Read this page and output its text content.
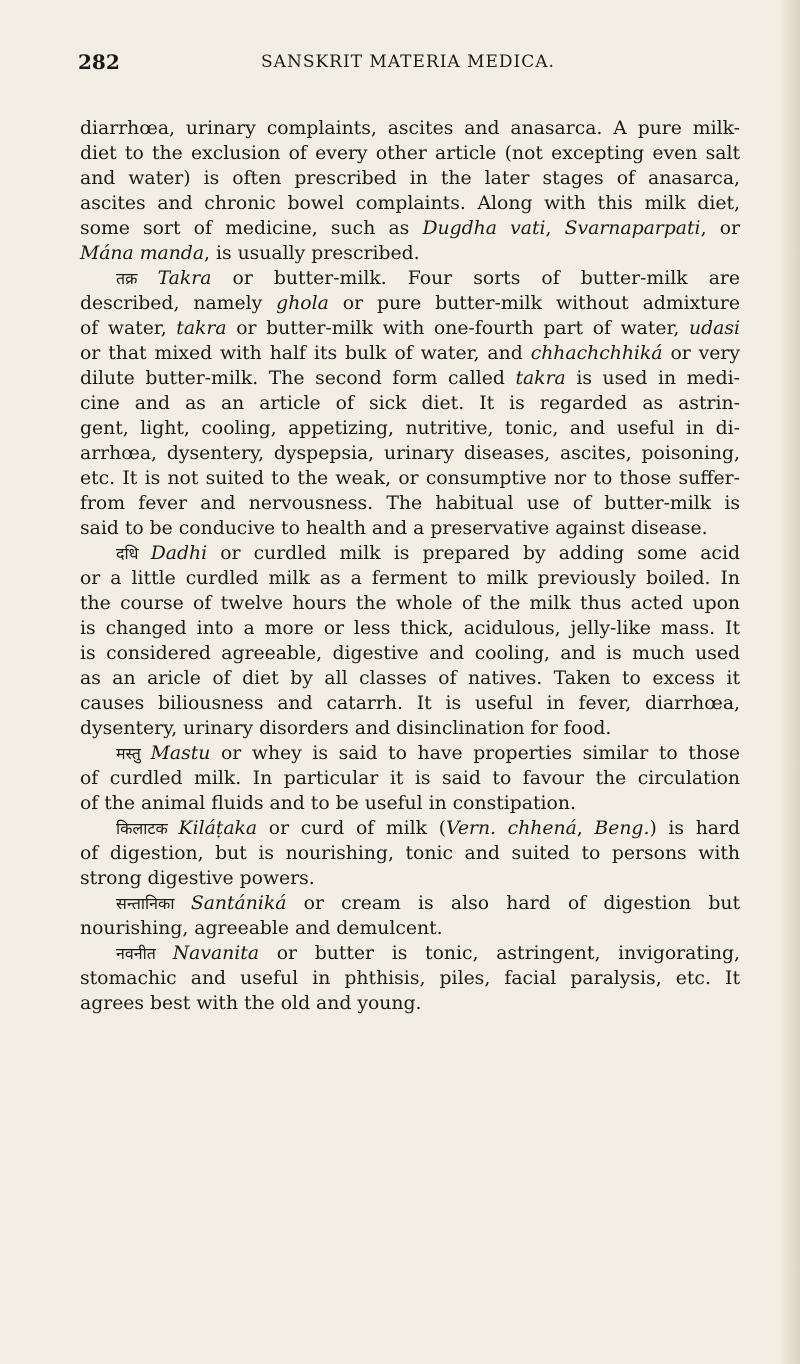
282	SANSKRIT MATERIA MEDICA.
diarrhœa, urinary complaints, ascites and anasarca. A pure milk-
diet to the exclusion of every other article (not excepting even salt
and water) is often prescribed in the later stages of anasarca,
ascites and chronic bowel complaints. Along with this milk diet,
some sort of medicine, such as Dugdha vati, Svarnaparpati, or
Mána manda, is usually prescribed.
तक्र Takra or butter-milk. Four sorts of butter-milk are
described, namely ghola or pure butter-milk without admixture
of water, takra or butter-milk with one-fourth part of water, udasi
or that mixed with half its bulk of water, and chhachchhiká or very
dilute butter-milk. The second form called takra is used in medi-
cine and as an article of sick diet. It is regarded as astrin-
gent, light, cooling, appetizing, nutritive, tonic, and useful in di-
arrhœa, dysentery, dyspepsia, urinary diseases, ascites, poisoning,
etc. It is not suited to the weak, or consumptive nor to those suffer-
from fever and nervousness. The habitual use of butter-milk is
said to be conducive to health and a preservative against disease.
दधि Dadhi or curdled milk is prepared by adding some acid
or a little curdled milk as a ferment to milk previously boiled. In
the course of twelve hours the whole of the milk thus acted upon
is changed into a more or less thick, acidulous, jelly-like mass. It
is considered agreeable, digestive and cooling, and is much used
as an aricle of diet by all classes of natives. Taken to excess it
causes biliousness and catarrh. It is useful in fever, diarrhœa,
dysentery, urinary disorders and disinclination for food.
मस्तु Mastu or whey is said to have properties similar to those
of curdled milk. In particular it is said to favour the circulation
of the animal fluids and to be useful in constipation.
किलाटक Kiláṭaka or curd of milk (Vern. chhená, Beng.) is hard
of digestion, but is nourishing, tonic and suited to persons with
strong digestive powers.
सन्तानिका Santániká or cream is also hard of digestion but
nourishing, agreeable and demulcent.
नवनीत Navanita or butter is tonic, astringent, invigorating,
stomachic and useful in phthisis, piles, facial paralysis, etc. It
agrees best with the old and young.
